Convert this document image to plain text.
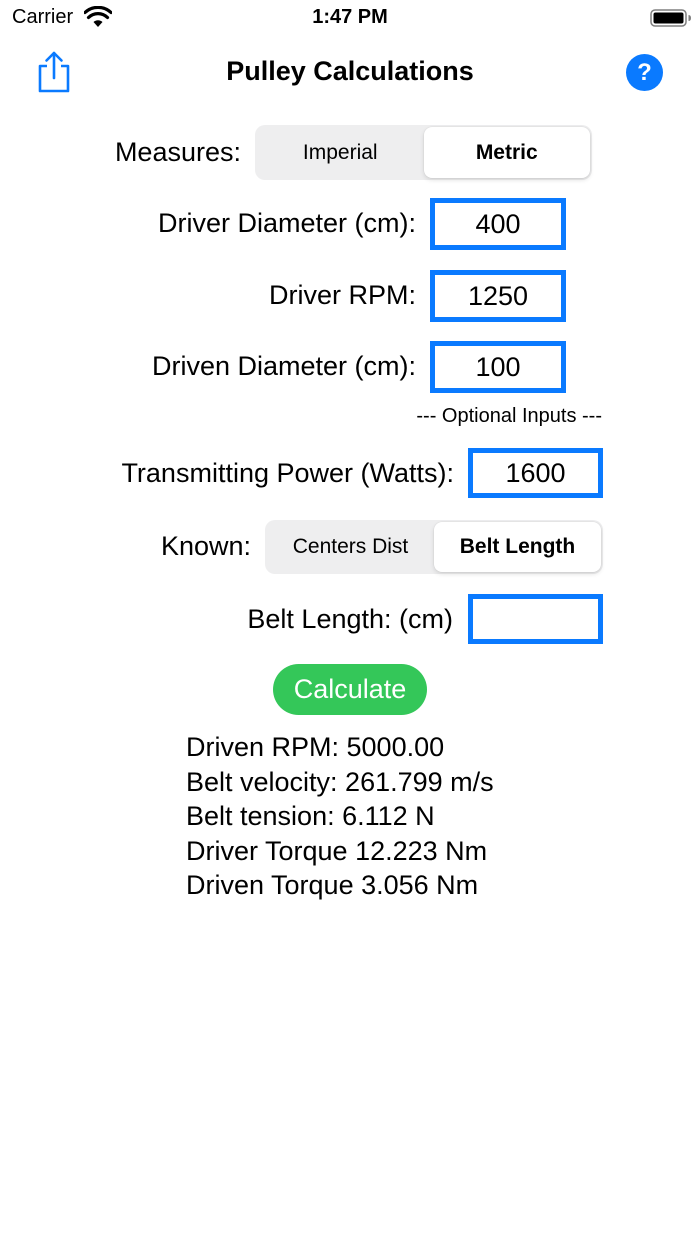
Carrier	1:47 PM
Pulley Calculations	?
Measures:	Imperial	Metric
Driver Diameter (cm):
400
Driver RPM:
1250
Driven Diameter (cm):
100
--- Optional Inputs ---
Transmitting Power (Watts):
1600
Known:	Centers Dist	Belt Length
Belt Length: (cm)
Calculate
Driven RPM: 5000.00
Belt velocity: 261.799 m/s
Belt tension: 6.112 N
Driver Torque 12.223 Nm
Driven Torque 3.056 Nm
